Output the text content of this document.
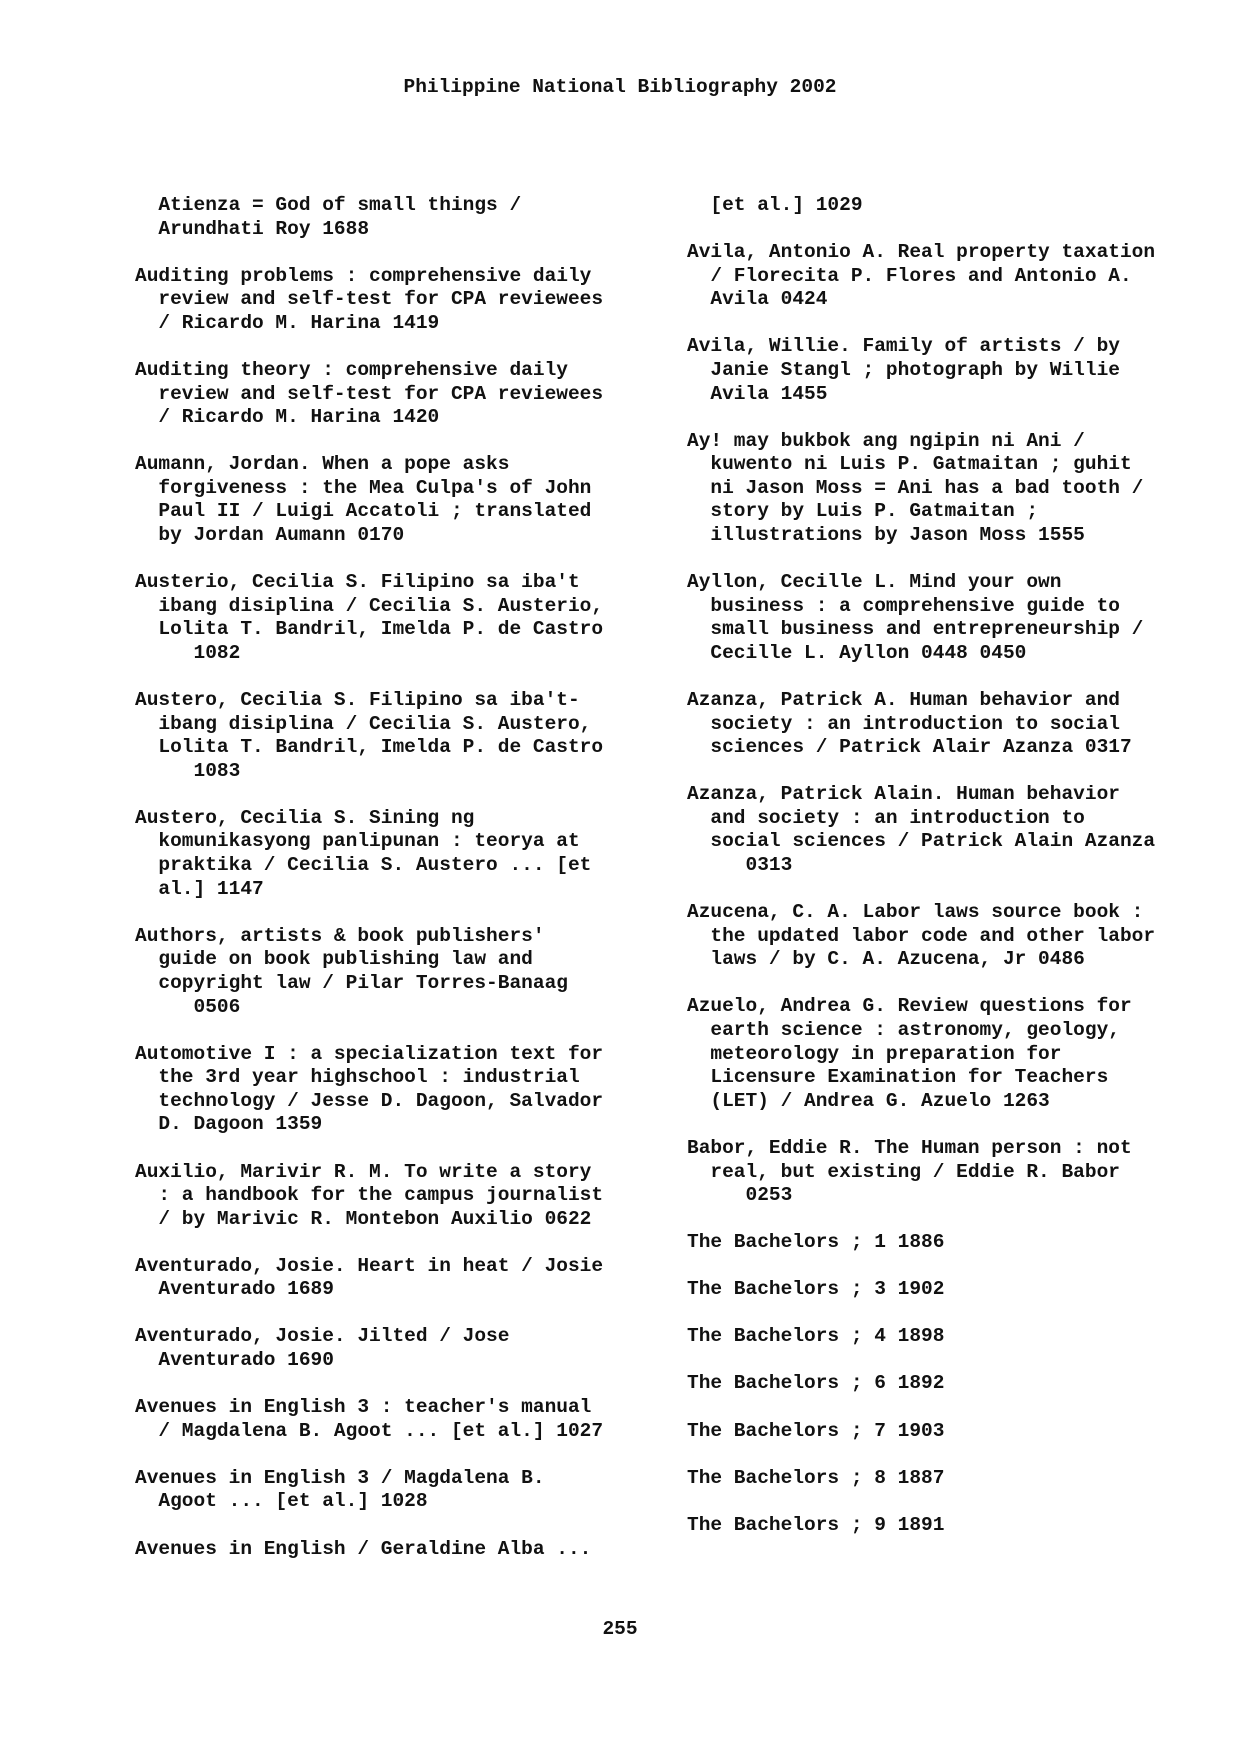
Philippine National Bibliography 2002
Atienza = God of small things /
Arundhati Roy 1688
Auditing problems : comprehensive daily
review and self-test for CPA reviewees
/ Ricardo M. Harina 1419
Auditing theory : comprehensive daily
review and self-test for CPA reviewees
/ Ricardo M. Harina 1420
Aumann, Jordan. When a pope asks
forgiveness : the Mea Culpa's of John
Paul II / Luigi Accatoli ; translated
by Jordan Aumann 0170
Austerio, Cecilia S. Filipino sa iba't
ibang disiplina / Cecilia S. Austerio,
Lolita T. Bandril, Imelda P. de Castro
1082
Austero, Cecilia S. Filipino sa iba't-
ibang disiplina / Cecilia S. Austero,
Lolita T. Bandril, Imelda P. de Castro
1083
Austero, Cecilia S. Sining ng
komunikasyong panlipunan : teorya at
praktika / Cecilia S. Austero ... [et
al.] 1147
Authors, artists & book publishers'
guide on book publishing law and
copyright law / Pilar Torres-Banaag
0506
Automotive I : a specialization text for
the 3rd year highschool : industrial
technology / Jesse D. Dagoon, Salvador
D. Dagoon 1359
Auxilio, Marivir R. M. To write a story
: a handbook for the campus journalist
/ by Marivic R. Montebon Auxilio 0622
Aventurado, Josie. Heart in heat / Josie
Aventurado 1689
Aventurado, Josie. Jilted / Jose
Aventurado 1690
Avenues in English 3 : teacher's manual
/ Magdalena B. Agoot ... [et al.] 1027
Avenues in English 3 / Magdalena B.
Agoot ... [et al.] 1028
Avenues in English / Geraldine Alba ...
[et al.] 1029
Avila, Antonio A. Real property taxation
/ Florecita P. Flores and Antonio A.
Avila 0424
Avila, Willie. Family of artists / by
Janie Stangl ; photograph by Willie
Avila 1455
Ay! may bukbok ang ngipin ni Ani /
kuwento ni Luis P. Gatmaitan ; guhit
ni Jason Moss = Ani has a bad tooth /
story by Luis P. Gatmaitan ;
illustrations by Jason Moss 1555
Ayllon, Cecille L. Mind your own
business : a comprehensive guide to
small business and entrepreneurship /
Cecille L. Ayllon 0448 0450
Azanza, Patrick A. Human behavior and
society : an introduction to social
sciences / Patrick Alair Azanza 0317
Azanza, Patrick Alain. Human behavior
and society : an introduction to
social sciences / Patrick Alain Azanza
0313
Azucena, C. A. Labor laws source book :
the updated labor code and other labor
laws / by C. A. Azucena, Jr 0486
Azuelo, Andrea G. Review questions for
earth science : astronomy, geology,
meteorology in preparation for
Licensure Examination for Teachers
(LET) / Andrea G. Azuelo 1263
Babor, Eddie R. The Human person : not
real, but existing / Eddie R. Babor
0253
The Bachelors ; 1 1886
The Bachelors ; 3 1902
The Bachelors ; 4 1898
The Bachelors ; 6 1892
The Bachelors ; 7 1903
The Bachelors ; 8 1887
The Bachelors ; 9 1891
255
